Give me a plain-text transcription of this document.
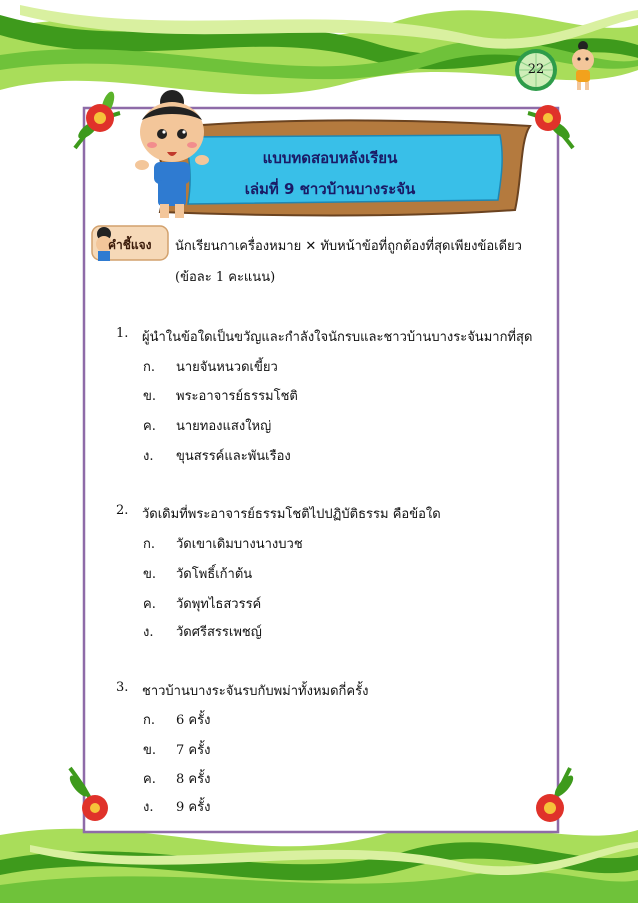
22
แบบทดสอบหลังเรียน
เล่มที่ 9 ชาวบ้านบางระจัน
คำชี้แจง นักเรียนกาเครื่องหมาย ✕ ทับหน้าข้อที่ถูกต้องที่สุดเพียงข้อเดียว
(ข้อละ 1 คะแนน)
1. ผู้นำในข้อใดเป็นขวัญและกำลังใจนักรบและชาวบ้านบางระจันมากที่สุด
ก. นายจันหนวดเขี้ยว
ข. พระอาจารย์ธรรมโชติ
ค. นายทองแสงใหญ่
ง. ขุนสรรค์และพันเรือง
2. วัดเดิมที่พระอาจารย์ธรรมโชติไปปฏิบัติธรรม คือข้อใด
ก. วัดเขาเดิมบางนางบวช
ข. วัดโพธิ์เก้าต้น
ค. วัดพุทไธสวรรค์
ง. วัดศรีสรรเพชญ์
3. ชาวบ้านบางระจันรบกับพม่าทั้งหมดกี่ครั้ง
ก. 6 ครั้ง
ข. 7 ครั้ง
ค. 8 ครั้ง
ง. 9 ครั้ง
